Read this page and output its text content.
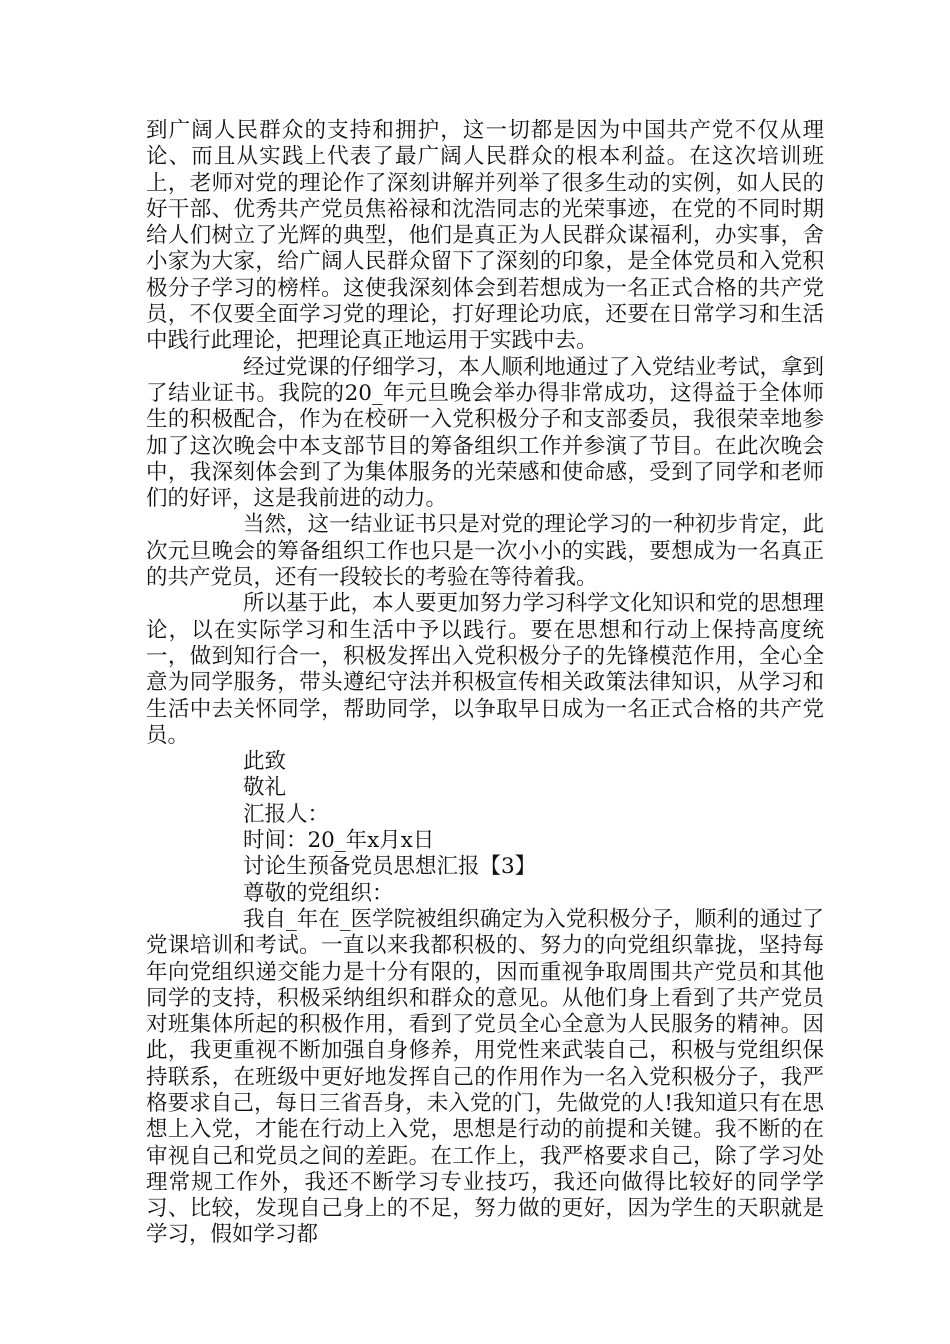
到广阔人民群众的支持和拥护，这一切都是因为中国共产党不仅从理论、而且从实践上代表了最广阔人民群众的根本利益。在这次培训班上，老师对党的理论作了深刻讲解并列举了很多生动的实例，如人民的好干部、优秀共产党员焦裕禄和沈浩同志的光荣事迹，在党的不同时期给人们树立了光辉的典型，他们是真正为人民群众谋福利，办实事，舍小家为大家，给广阔人民群众留下了深刻的印象，是全体党员和入党积极分子学习的榜样。这使我深刻体会到若想成为一名正式合格的共产党员，不仅要全面学习党的理论，打好理论功底，还要在日常学习和生活中践行此理论，把理论真正地运用于实践中去。

经过党课的仔细学习，本人顺利地通过了入党结业考试，拿到了结业证书。我院的20_年元旦晚会举办得非常成功，这得益于全体师生的积极配合，作为在校研一入党积极分子和支部委员，我很荣幸地参加了这次晚会中本支部节目的筹备组织工作并参演了节目。在此次晚会中，我深刻体会到了为集体服务的光荣感和使命感，受到了同学和老师们的好评，这是我前进的动力。

当然，这一结业证书只是对党的理论学习的一种初步肯定，此次元旦晚会的筹备组织工作也只是一次小小的实践，要想成为一名真正的共产党员，还有一段较长的考验在等待着我。

所以基于此，本人要更加努力学习科学文化知识和党的思想理论，以在实际学习和生活中予以践行。要在思想和行动上保持高度统一，做到知行合一，积极发挥出入党积极分子的先锋模范作用，全心全意为同学服务，带头遵纪守法并积极宣传相关政策法律知识，从学习和生活中去关怀同学，帮助同学，以争取早日成为一名正式合格的共产党员。

此致
敬礼
汇报人：
时间：20_年x月x日
讨论生预备党员思想汇报【3】
尊敬的党组织：

我自_年在_医学院被组织确定为入党积极分子，顺利的通过了党课培训和考试。一直以来我都积极的、努力的向党组织靠拢，坚持每年向党组织递交能力是十分有限的，因而重视争取周围共产党员和其他同学的支持，积极采纳组织和群众的意见。从他们身上看到了共产党员对班集体所起的积极作用，看到了党员全心全意为人民服务的精神。因此，我更重视不断加强自身修养，用党性来武装自己，积极与党组织保持联系，在班级中更好地发挥自己的作用作为一名入党积极分子，我严格要求自己，每日三省吾身，未入党的门，先做党的人!我知道只有在思想上入党，才能在行动上入党，思想是行动的前提和关键。我不断的在审视自己和党员之间的差距。在工作上，我严格要求自己，除了学习处理常规工作外，我还不断学习专业技巧，我还向做得比较好的同学学习、比较，发现自己身上的不足，努力做的更好，因为学生的天职就是学习，假如学习都
